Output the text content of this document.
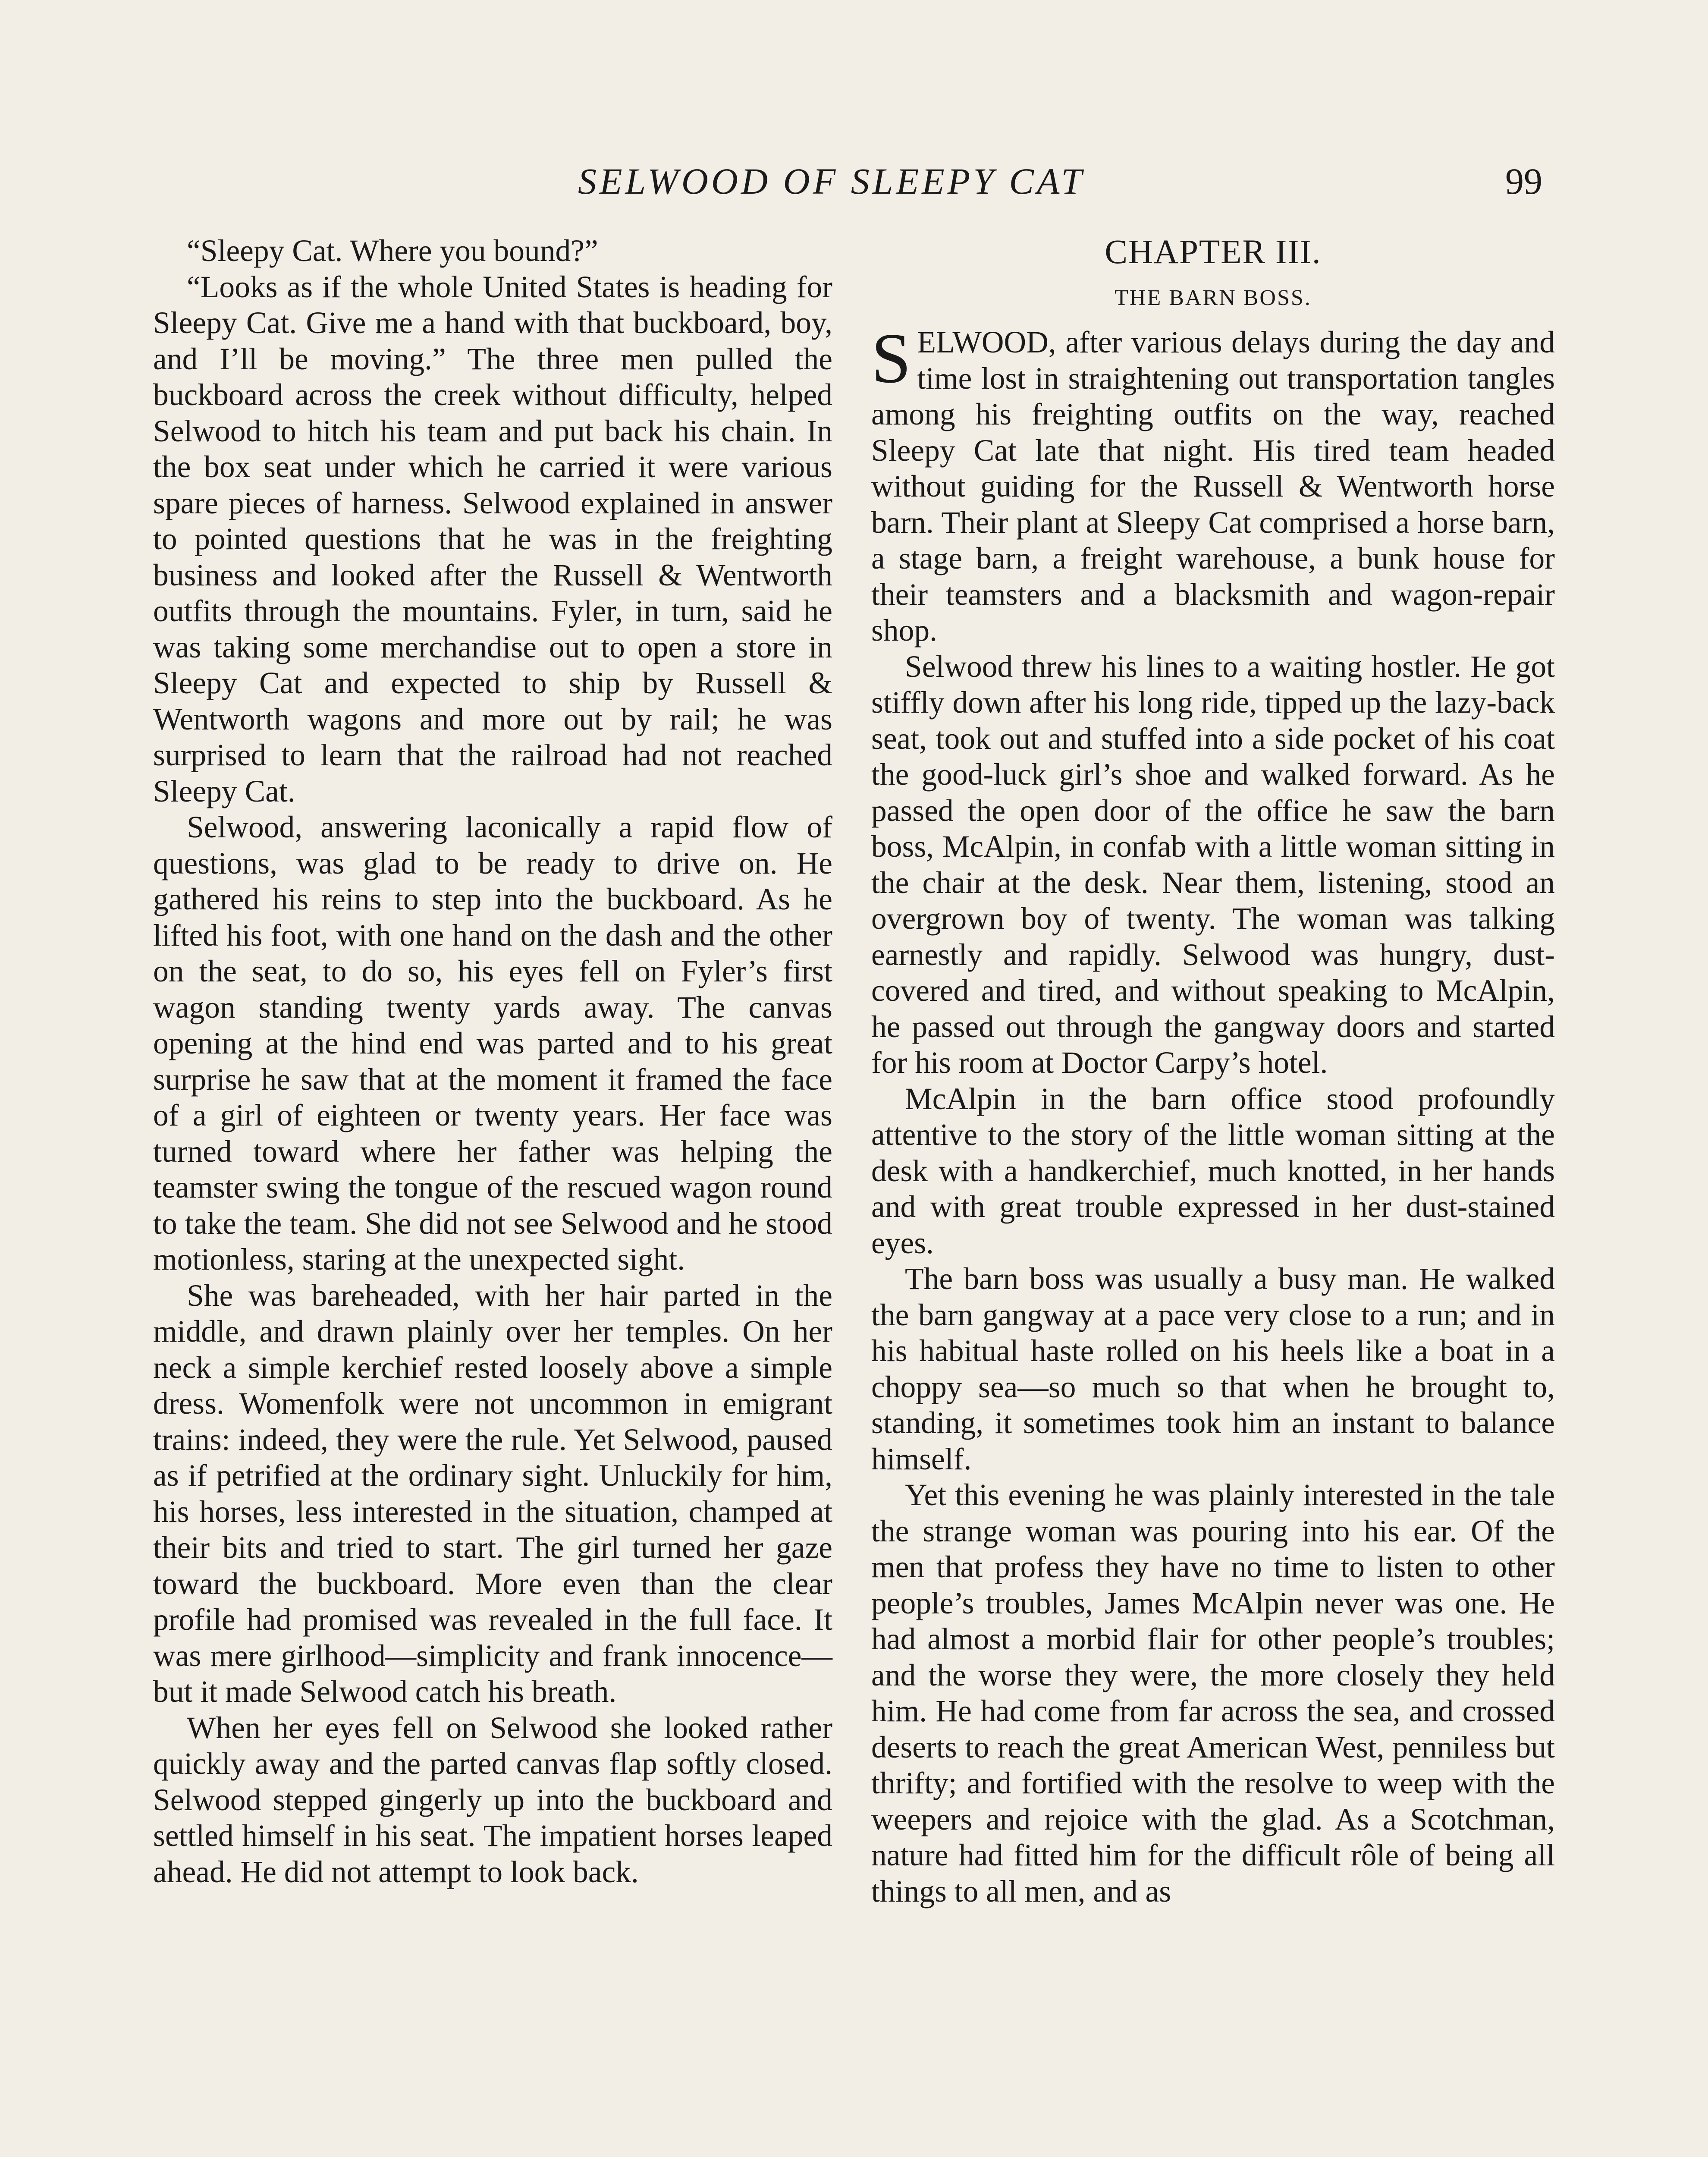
SELWOOD OF SLEEPY CAT	99

“Sleepy Cat. Where you bound?”

“Looks as if the whole United States is heading for Sleepy Cat. Give me a hand with that buckboard, boy, and I’ll be moving.” The three men pulled the buckboard across the creek without difficulty, helped Selwood to hitch his team and put back his chain. In the box seat under which he carried it were various spare pieces of harness. Selwood explained in answer to pointed questions that he was in the freighting business and looked after the Russell & Wentworth outfits through the mountains. Fyler, in turn, said he was taking some merchandise out to open a store in Sleepy Cat and expected to ship by Russell & Wentworth wagons and more out by rail; he was surprised to learn that the railroad had not reached Sleepy Cat.

Selwood, answering laconically a rapid flow of questions, was glad to be ready to drive on. He gathered his reins to step into the buckboard. As he lifted his foot, with one hand on the dash and the other on the seat, to do so, his eyes fell on Fyler’s first wagon standing twenty yards away. The canvas opening at the hind end was parted and to his great surprise he saw that at the moment it framed the face of a girl of eighteen or twenty years. Her face was turned toward where her father was helping the teamster swing the tongue of the rescued wagon round to take the team. She did not see Selwood and he stood motionless, staring at the unexpected sight.

She was bareheaded, with her hair parted in the middle, and drawn plainly over her temples. On her neck a simple kerchief rested loosely above a simple dress. Womenfolk were not uncommon in emigrant trains: indeed, they were the rule. Yet Selwood, paused as if petrified at the ordinary sight. Unluckily for him, his horses, less interested in the situation, champed at their bits and tried to start. The girl turned her gaze toward the buckboard. More even than the clear profile had promised was revealed in the full face. It was mere girlhood—simplicity and frank innocence—but it made Selwood catch his breath.

When her eyes fell on Selwood she looked rather quickly away and the parted canvas flap softly closed. Selwood stepped gingerly up into the buckboard and settled himself in his seat. The impatient horses leaped ahead. He did not attempt to look back.

CHAPTER III.
THE BARN BOSS.

SELWOOD, after various delays during the day and time lost in straightening out transportation tangles among his freighting outfits on the way, reached Sleepy Cat late that night. His tired team headed without guiding for the Russell & Wentworth horse barn. Their plant at Sleepy Cat comprised a horse barn, a stage barn, a freight warehouse, a bunk house for their teamsters and a blacksmith and wagon-repair shop.

Selwood threw his lines to a waiting hostler. He got stiffly down after his long ride, tipped up the lazy-back seat, took out and stuffed into a side pocket of his coat the good-luck girl’s shoe and walked forward. As he passed the open door of the office he saw the barn boss, McAlpin, in confab with a little woman sitting in the chair at the desk. Near them, listening, stood an overgrown boy of twenty. The woman was talking earnestly and rapidly. Selwood was hungry, dust-covered and tired, and without speaking to McAlpin, he passed out through the gangway doors and started for his room at Doctor Carpy’s hotel.

McAlpin in the barn office stood profoundly attentive to the story of the little woman sitting at the desk with a handkerchief, much knotted, in her hands and with great trouble expressed in her dust-stained eyes.

The barn boss was usually a busy man. He walked the barn gangway at a pace very close to a run; and in his habitual haste rolled on his heels like a boat in a choppy sea—so much so that when he brought to, standing, it sometimes took him an instant to balance himself.

Yet this evening he was plainly interested in the tale the strange woman was pouring into his ear. Of the men that profess they have no time to listen to other people’s troubles, James McAlpin never was one. He had almost a morbid flair for other people’s troubles; and the worse they were, the more closely they held him. He had come from far across the sea, and crossed deserts to reach the great American West, penniless but thrifty; and fortified with the resolve to weep with the weepers and rejoice with the glad. As a Scotchman, nature had fitted him for the difficult rôle of being all things to all men, and as
